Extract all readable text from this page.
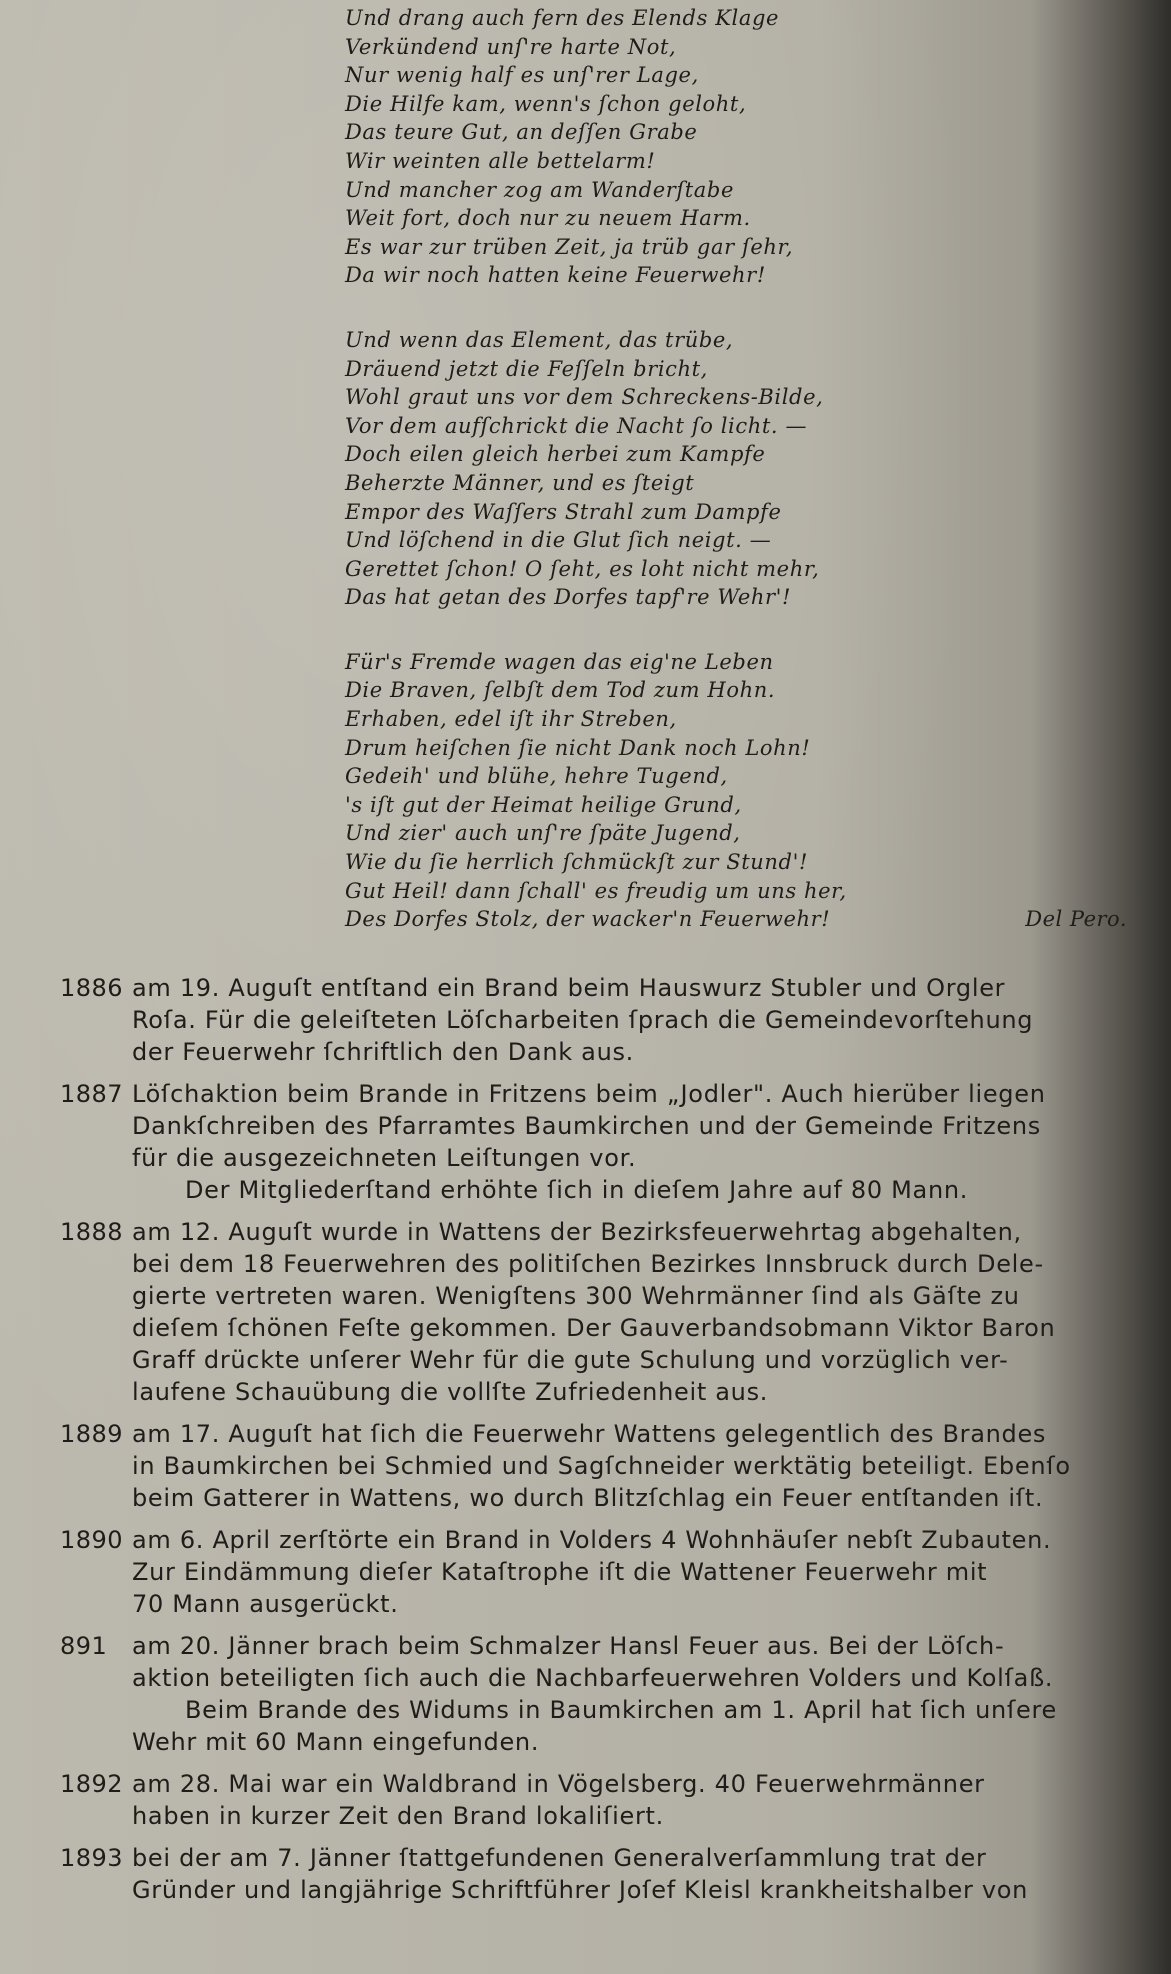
Und drang auch fern des Elends Klage
Verkündend unſ're harte Not,
Nur wenig half es unſ'rer Lage,
Die Hilfe kam, wenn's ſchon geloht,
Das teure Gut, an deſſen Grabe
Wir weinten alle bettelarm!
Und mancher zog am Wanderſtabe
Weit fort, doch nur zu neuem Harm.
Es war zur trüben Zeit, ja trüb gar ſehr,
Da wir noch hatten keine Feuerwehr!
Und wenn das Element, das trübe,
Dräuend jetzt die Feſſeln bricht,
Wohl graut uns vor dem Schreckens-Bilde,
Vor dem aufſchrickt die Nacht ſo licht. —
Doch eilen gleich herbei zum Kampfe
Beherzte Männer, und es ſteigt
Empor des Waſſers Strahl zum Dampfe
Und löſchend in die Glut ſich neigt. —
Gerettet ſchon! O ſeht, es loht nicht mehr,
Das hat getan des Dorfes tapf're Wehr'!
Für's Fremde wagen das eig'ne Leben
Die Braven, ſelbſt dem Tod zum Hohn.
Erhaben, edel iſt ihr Streben,
Drum heiſchen ſie nicht Dank noch Lohn!
Gedeih' und blühe, hehre Tugend,
's iſt gut der Heimat heilige Grund,
Und zier' auch unſ're ſpäte Jugend,
Wie du ſie herrlich ſchmückſt zur Stund'!
Gut Heil! dann ſchall' es freudig um uns her,
Des Dorfes Stolz, der wacker'n Feuerwehr!	Del Pero.
1886 am 19. Auguſt entſtand ein Brand beim Hauswurz Stubler und Orgler
Roſa. Für die geleiſteten Löſcharbeiten ſprach die Gemeindevorſtehung
der Feuerwehr ſchriftlich den Dank aus.
1887 Löſchaktion beim Brande in Fritzens beim „Jodler". Auch hierüber liegen
Dankſchreiben des Pfarramtes Baumkirchen und der Gemeinde Fritzens
für die ausgezeichneten Leiſtungen vor.
Der Mitgliederſtand erhöhte ſich in dieſem Jahre auf 80 Mann.
1888 am 12. Auguſt wurde in Wattens der Bezirksfeuerwehrtag abgehalten,
bei dem 18 Feuerwehren des politiſchen Bezirkes Innsbruck durch Dele-
gierte vertreten waren. Wenigſtens 300 Wehrmänner ſind als Gäſte zu
dieſem ſchönen Feſte gekommen. Der Gauverbandsobmann Viktor Baron
Graff drückte unſerer Wehr für die gute Schulung und vorzüglich ver-
laufene Schauübung die vollſte Zufriedenheit aus.
1889 am 17. Auguſt hat ſich die Feuerwehr Wattens gelegentlich des Brandes
in Baumkirchen bei Schmied und Sagſchneider werktätig beteiligt. Ebenſo
beim Gatterer in Wattens, wo durch Blitzſchlag ein Feuer entſtanden iſt.
1890 am 6. April zerſtörte ein Brand in Volders 4 Wohnhäuſer nebſt Zubauten.
Zur Eindämmung dieſer Kataſtrophe iſt die Wattener Feuerwehr mit
70 Mann ausgerückt.
891 am 20. Jänner brach beim Schmalzer Hansl Feuer aus. Bei der Löſch-
aktion beteiligten ſich auch die Nachbarfeuerwehren Volders und Kolſaß.
Beim Brande des Widums in Baumkirchen am 1. April hat ſich unſere
Wehr mit 60 Mann eingefunden.
1892 am 28. Mai war ein Waldbrand in Vögelsberg. 40 Feuerwehrmänner
haben in kurzer Zeit den Brand lokaliſiert.
1893 bei der am 7. Jänner ſtattgefundenen Generalverſammlung trat der
Gründer und langjährige Schriftführer Joſef Kleisl krankheitshalber von
